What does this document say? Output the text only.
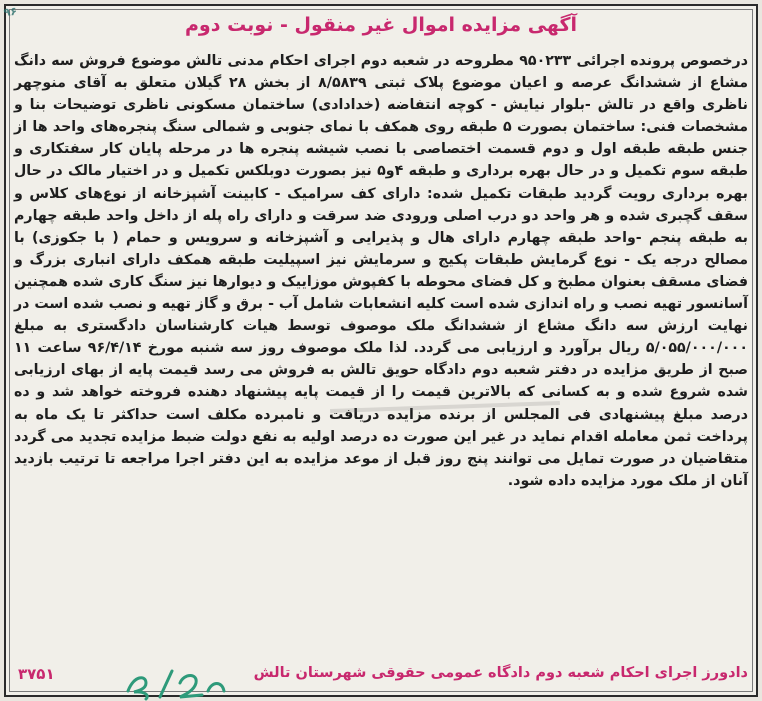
۹۶
آگهی مزایده اموال غیر منقول - نوبت دوم
درخصوص پرونده اجرائی ۹۵۰۲۳۳ مطروحه در شعبه دوم اجرای احکام مدنی تالش موضوع فروش سه دانگ مشاع از ششدانگ عرصه و اعیان موضوع پلاک ثبتی ۸/۵۸۳۹ از بخش ۲۸ گیلان متعلق به آقای منوچهر ناظری واقع در تالش -بلوار نیایش - کوچه انتفاضه (خدادادی) ساختمان مسکونی ناظری توضیحات بنا و مشخصات فنی: ساختمان بصورت ۵ طبقه روی همکف با نمای جنوبی و شمالی سنگ پنجره‌های واحد ها از جنس طبقه طبقه اول و دوم قسمت اختصاصی با نصب شیشه پنجره ها در مرحله پایان کار سفتکاری و طبقه سوم تکمیل و در حال بهره برداری و طبقه ۴و۵ نیز بصورت دوبلکس تکمیل و در اختیار مالک در حال بهره برداری رویت گردید طبقات تکمیل شده: دارای کف سرامیک - کابینت آشپزخانه از نوع‌های کلاس و سقف گچبری شده و هر واحد دو درب اصلی ورودی ضد سرقت و دارای راه پله از داخل واحد طبقه چهارم به طبقه پنجم -واحد طبقه چهارم دارای هال و پذیرایی و آشپزخانه و سرویس و حمام ( با جکوزی) با مصالح درجه یک - نوع گرمایش طبقات پکیج و سرمایش نیز اسپیلیت طبقه همکف دارای انباری بزرگ و فضای مسقف بعنوان مطبخ و کل فضای محوطه با کفپوش موزاییک و دیوارها نیز سنگ کاری شده همچنین آسانسور تهیه نصب و راه اندازی شده است کلیه انشعابات شامل آب - برق و گاز تهیه و نصب شده است در نهایت ارزش سه دانگ مشاع از ششدانگ ملک موصوف توسط هیات کارشناسان دادگستری به مبلغ ۵/۰۵۵/۰۰۰/۰۰۰ ریال برآورد و ارزیابی می گردد. لذا ملک موصوف روز سه شنبه مورخ ۹۶/۴/۱۴ ساعت ۱۱ صبح از طریق مزایده در دفتر شعبه دوم دادگاه حویق تالش به فروش می رسد قیمت پایه از بهای ارزیابی شده شروع شده و به کسانی که بالاترین قیمت را از قیمت پایه پیشنهاد دهنده فروخته خواهد شد و ده درصد مبلغ پیشنهادی فی المجلس از برنده مزایده دریافت و نامبرده مکلف است حداکثر تا یک ماه به پرداخت ثمن معامله اقدام نماید در غیر این صورت ده درصد اولیه به نفع دولت ضبط مزایده تجدید می گردد متقاضیان در صورت تمایل می توانند پنج روز قبل از موعد مزایده به این دفتر اجرا مراجعه تا ترتیب بازدید آنان از ملک مورد مزایده داده شود.
دادورز اجرای احکام شعبه دوم دادگاه عمومی حقوقی شهرستان تالش
۳۷۵۱
